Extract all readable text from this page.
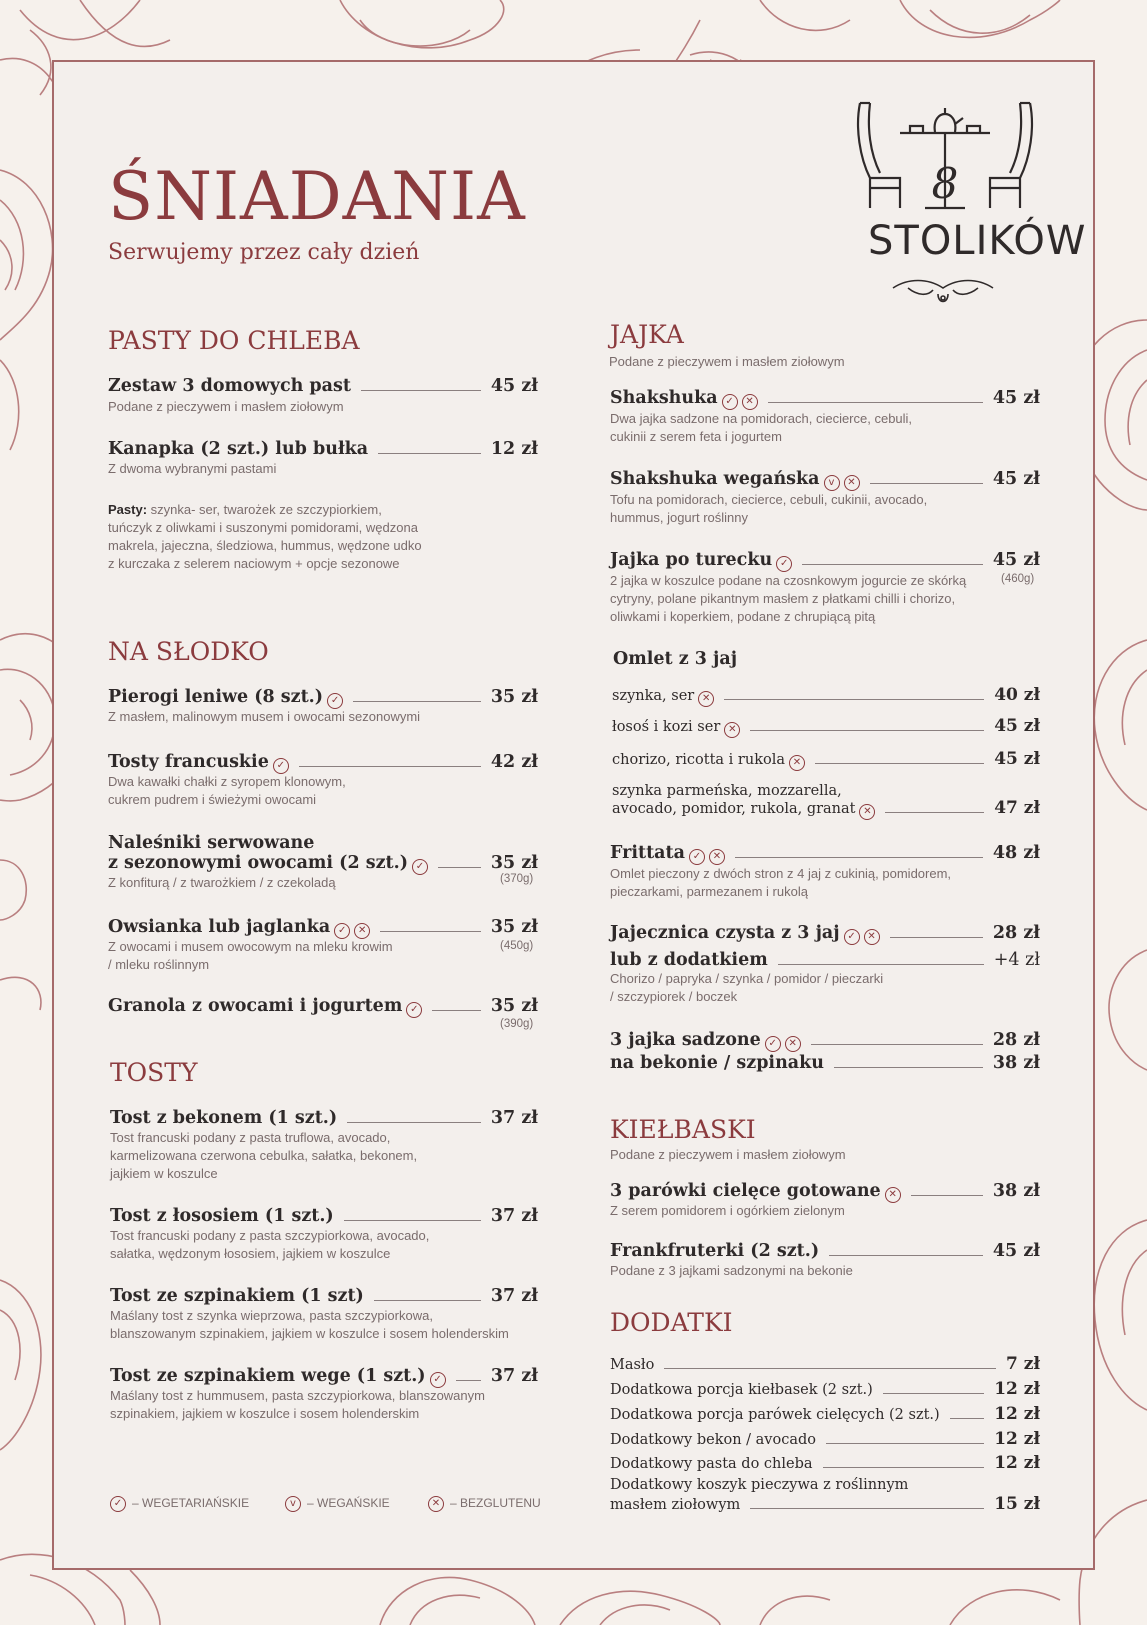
ŚNIADANIA
Serwujemy przez cały dzień
8
STOLIKÓW
PASTY DO CHLEBA
Zestaw 3 domowych past	45 zł
Podane z pieczywem i masłem ziołowym
Kanapka (2 szt.) lub bułka	12 zł
Z dwoma wybranymi pastami
Pasty: szynka- ser, twarożek ze szczypiorkiem, tuńczyk z oliwkami i suszonymi pomidorami, wędzona makrela, jajeczna, śledziowa, hummus, wędzone udko z kurczaka z selerem naciowym + opcje sezonowe
NA SŁODKO
Pierogi leniwe (8 szt.) ✓	35 zł
Z masłem, malinowym musem i owocami sezonowymi
Tosty francuskie ✓	42 zł
Dwa kawałki chałki z syropem klonowym,
cukrem pudrem i świeżymi owocami
Naleśniki serwowane
z sezonowymi owocami (2 szt.) ✓	35 zł
(370g)
Z konfiturą / z twarożkiem / z czekoladą
Owsianka lub jaglanka ✓	✕	35 zł
(450g)
Z owocami i musem owocowym na mleku krowim
/ mleku roślinnym
Granola z owocami i jogurtem ✓	35 zł
(390g)
TOSTY
Tost z bekonem (1 szt.)	37 zł
Tost francuski podany z pasta truflowa, avocado,
karmelizowana czerwona cebulka, sałatka, bekonem,
jajkiem w koszulce
Tost z łososiem (1 szt.)	37 zł
Tost francuski podany z pasta szczypiorkowa, avocado,
sałatka, wędzonym łososiem, jajkiem w koszulce
Tost ze szpinakiem (1 szt)	37 zł
Maślany tost z szynka wieprzowa, pasta szczypiorkowa,
blanszowanym szpinakiem, jajkiem w koszulce i sosem holenderskim
Tost ze szpinakiem wege (1 szt.) ✓	37 zł
Maślany tost z hummusem, pasta szczypiorkowa, blanszowanym
szpinakiem, jajkiem w koszulce i sosem holenderskim
✓ – WEGETARIAŃSKIE	v – WEGAŃSKIE	✕ – BEZGLUTENU
JAJKA
Podane z pieczywem i masłem ziołowym
Shakshuka ✓	✕	45 zł
Dwa jajka sadzone na pomidorach, ciecierce, cebuli,
cukinii z serem feta i jogurtem
Shakshuka wegańska v	✕	45 zł
Tofu na pomidorach, ciecierce, cebuli, cukinii, avocado,
hummus, jogurt roślinny
Jajka po turecku ✓	45 zł
(460g)
2 jajka w koszulce podane na czosnkowym jogurcie ze skórką
cytryny, polane pikantnym masłem z płatkami chilli i chorizo,
oliwkami i koperkiem, podane z chrupiącą pitą
Omlet z 3 jaj
szynka, ser ✕	40 zł
łosoś i kozi ser ✕	45 zł
chorizo, ricotta i rukola ✕	45 zł
szynka parmeńska, mozzarella,
avocado, pomidor, rukola, granat ✕	47 zł
Frittata ✓	✕	48 zł
Omlet pieczony z dwóch stron z 4 jaj z cukinią, pomidorem,
pieczarkami, parmezanem i rukolą
Jajecznica czysta z 3 jaj ✓	✕	28 zł
lub z dodatkiem	+4 zł
Chorizo / papryka / szynka / pomidor / pieczarki
/ szczypiorek / boczek
3 jajka sadzone ✓	✕	28 zł
na bekonie / szpinaku	38 zł
KIEŁBASKI
Podane z pieczywem i masłem ziołowym
3 parówki cielęce gotowane ✕	38 zł
Z serem pomidorem i ogórkiem zielonym
Frankfruterki (2 szt.)	45 zł
Podane z 3 jajkami sadzonymi na bekonie
DODATKI
Masło	7 zł
Dodatkowa porcja kiełbasek (2 szt.)	12 zł
Dodatkowa porcja parówek cielęcych (2 szt.)	12 zł
Dodatkowy bekon / avocado	12 zł
Dodatkowy pasta do chleba	12 zł
Dodatkowy koszyk pieczywa z roślinnym
masłem ziołowym	15 zł
